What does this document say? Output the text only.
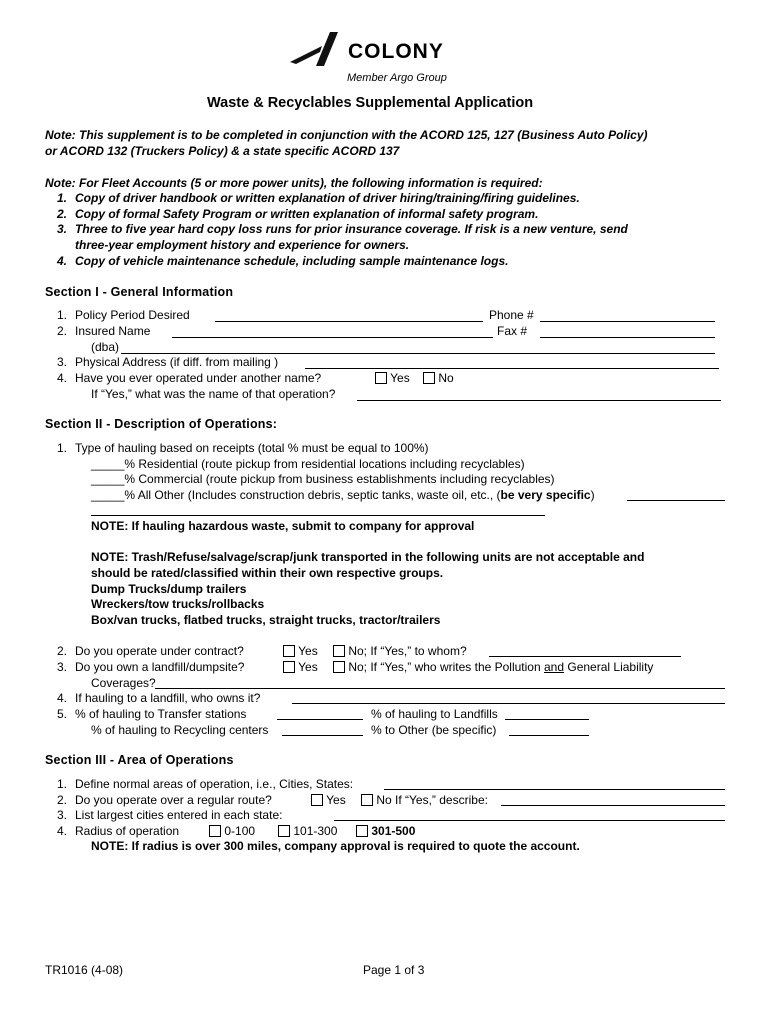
COLONY
Member Argo Group
Waste & Recyclables Supplemental Application
Note: This supplement is to be completed in conjunction with the ACORD 125, 127 (Business Auto Policy)
or ACORD 132 (Truckers Policy) & a state specific ACORD 137
Note: For Fleet Accounts (5 or more power units), the following information is required:
1. Copy of driver handbook or written explanation of driver hiring/training/firing guidelines.
2. Copy of formal Safety Program or written explanation of informal safety program.
3. Three to five year hard copy loss runs for prior insurance coverage. If risk is a new venture, send
three-year employment history and experience for owners.
4. Copy of vehicle maintenance schedule, including sample maintenance logs.
Section I - General Information
1. Policy Period Desired	Phone #
2. Insured Name	Fax #
(dba)
3. Physical Address (if diff. from mailing )
4. Have you ever operated under another name?	Yes	No
If “Yes,” what was the name of that operation?
Section II - Description of Operations:
1. Type of hauling based on receipts (total % must be equal to 100%)
_____% Residential (route pickup from residential locations including recyclables)
_____% Commercial (route pickup from business establishments including recyclables)
_____% All Other (Includes construction debris, septic tanks, waste oil, etc., (be very specific)
NOTE: If hauling hazardous waste, submit to company for approval
NOTE: Trash/Refuse/salvage/scrap/junk transported in the following units are not acceptable and
should be rated/classified within their own respective groups.
Dump Trucks/dump trailers
Wreckers/tow trucks/rollbacks
Box/van trucks, flatbed trucks, straight trucks, tractor/trailers
2. Do you operate under contract?	Yes	No; If “Yes,” to whom?
3. Do you own a landfill/dumpsite?	Yes	No; If “Yes,” who writes the Pollution and General Liability
Coverages?
4. If hauling to a landfill, who owns it?
5. % of hauling to Transfer stations	% of hauling to Landfills
% of hauling to Recycling centers	% to Other (be specific)
Section III - Area of Operations
1. Define normal areas of operation, i.e., Cities, States:
2. Do you operate over a regular route?	Yes	No If “Yes,” describe:
3. List largest cities entered in each state:
4. Radius of operation	0-100	101-300	301-500
NOTE: If radius is over 300 miles, company approval is required to quote the account.
TR1016 (4-08)	Page 1 of 3
